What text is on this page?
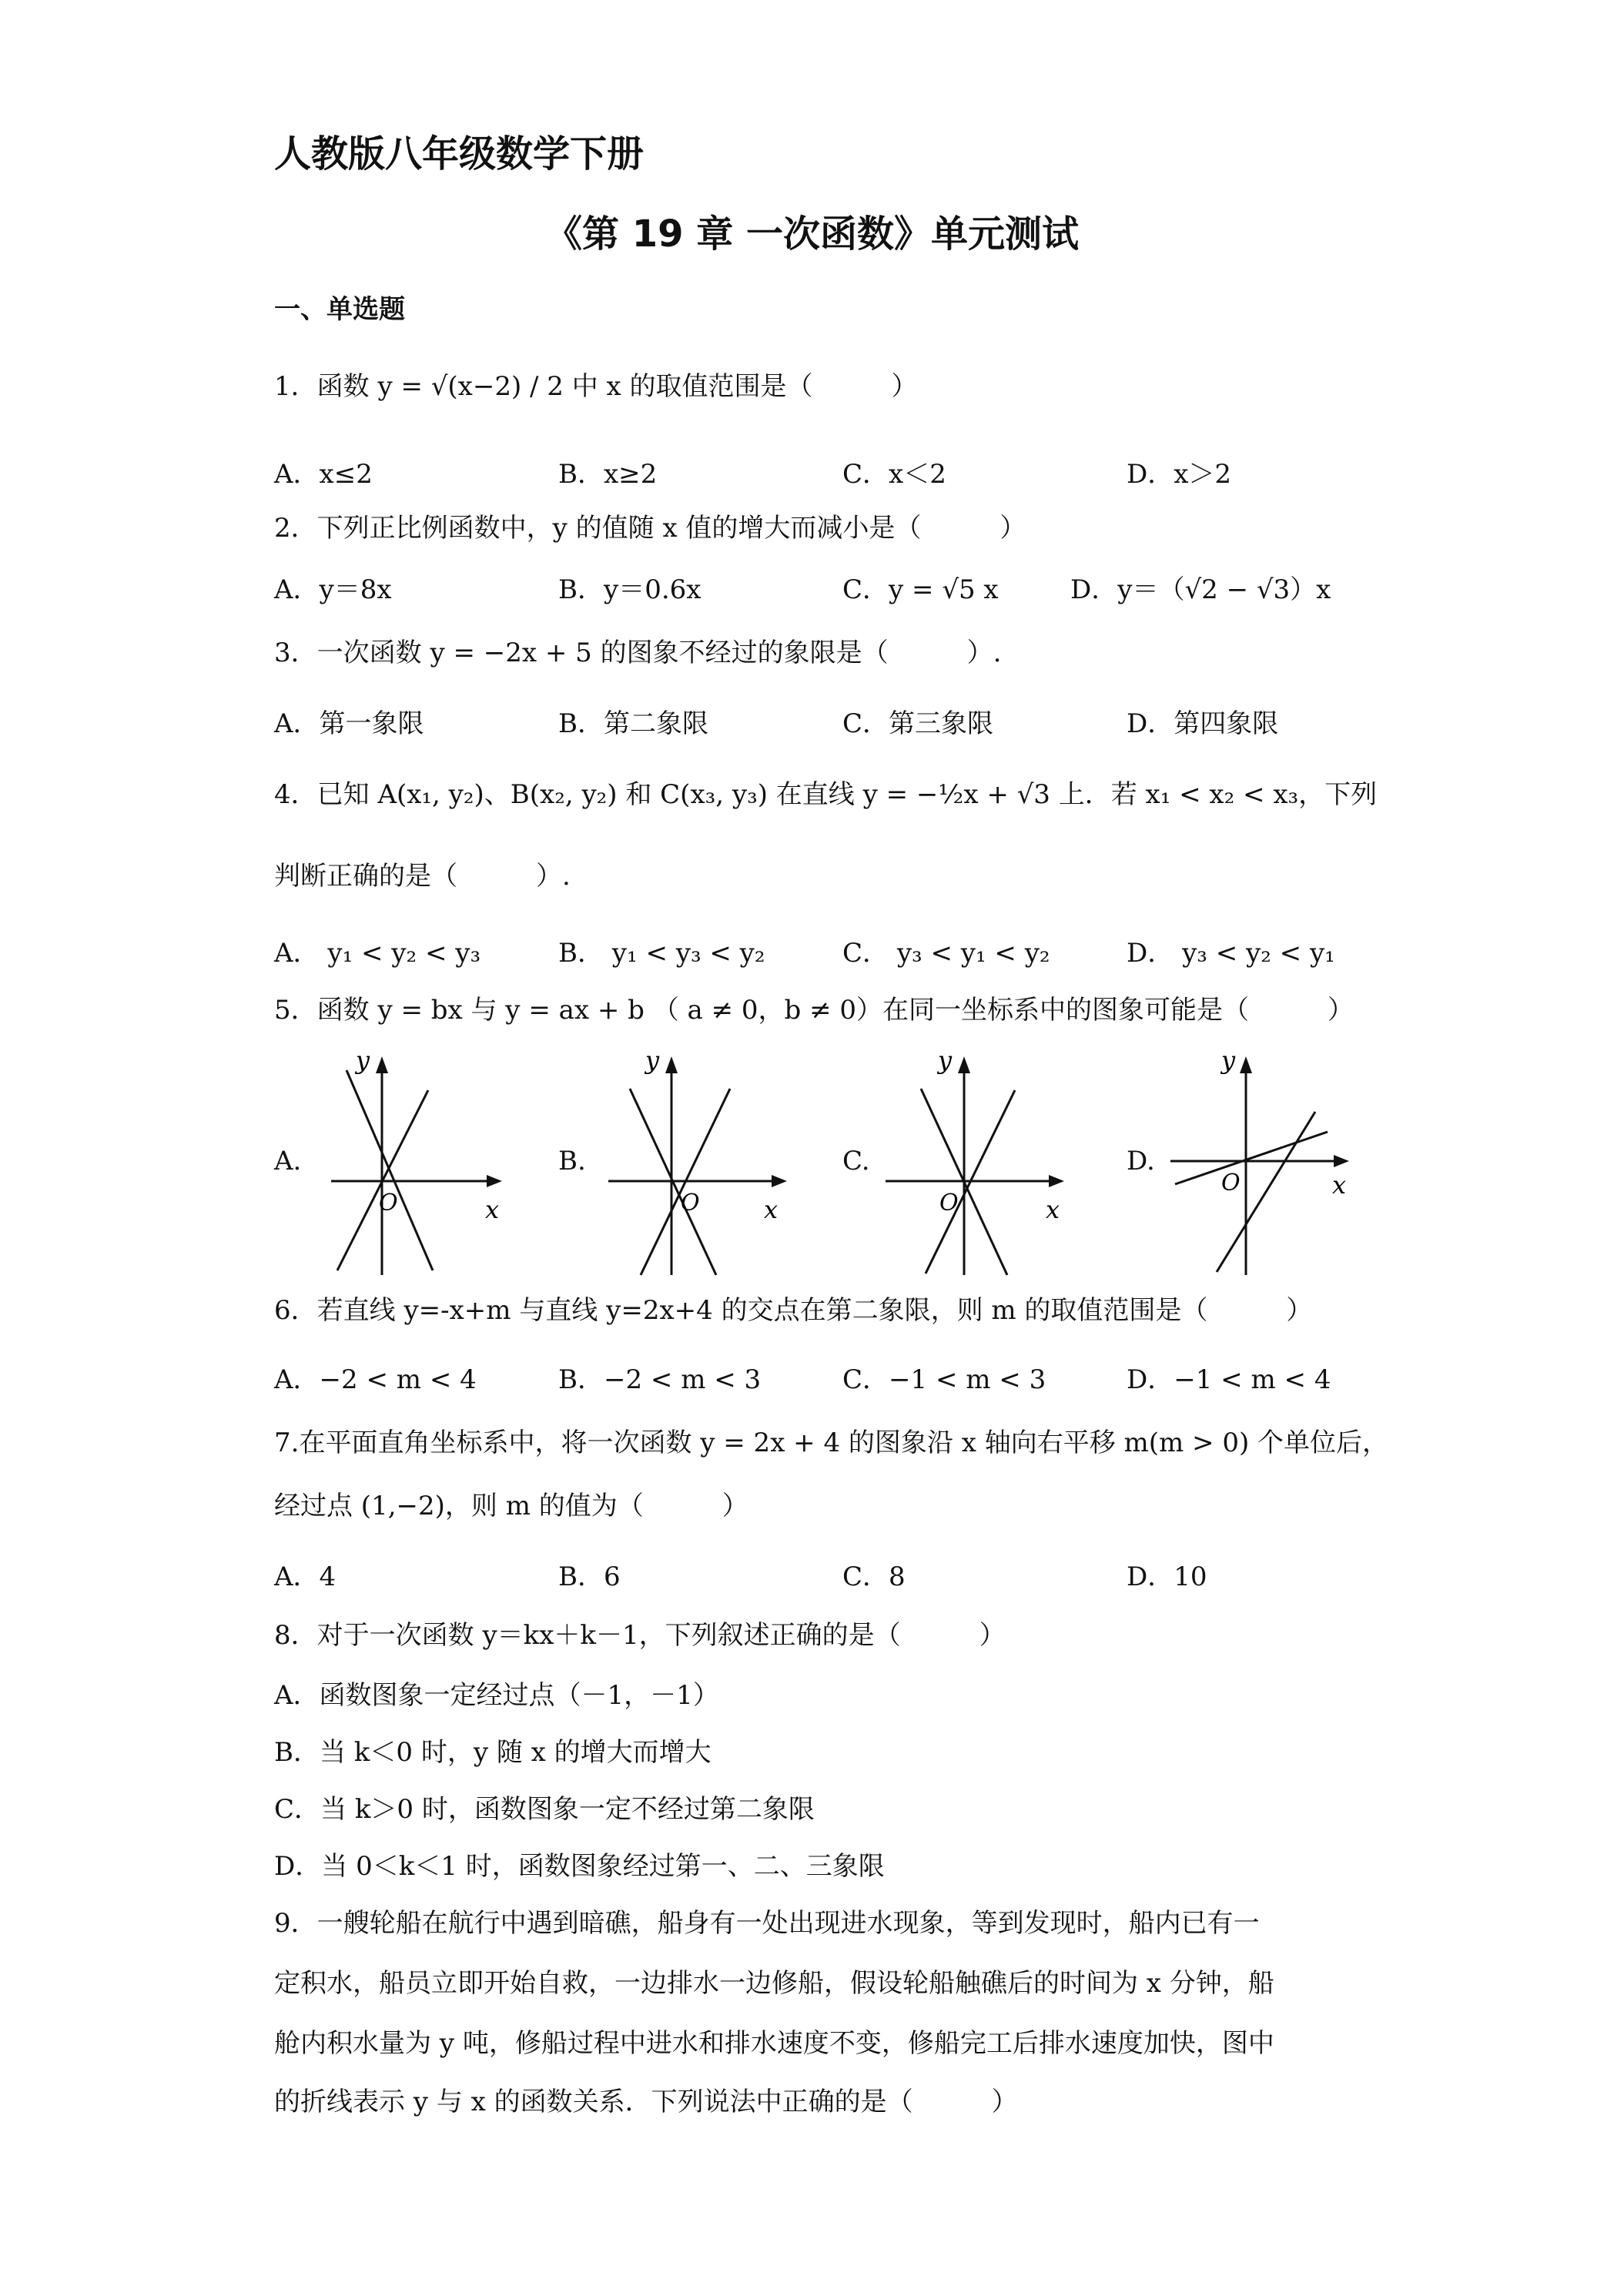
人教版八年级数学下册
《第 19 章 一次函数》单元测试
一、单选题
1．函数 y = √(x−2) / 2 中 x 的取值范围是（　　　）
A．x≤2	B．x≥2	C．x＜2	D．x＞2
2．下列正比例函数中，y 的值随 x 值的增大而减小是（　　　）
A．y＝8x	B．y＝0.6x	C．y = √5 x	D．y＝（√2 − √3）x
3．一次函数 y = −2x + 5 的图象不经过的象限是（　　　）.
A．第一象限	B．第二象限	C．第三象限	D．第四象限
4．已知 A(x₁, y₂)、B(x₂, y₂) 和 C(x₃, y₃) 在直线 y = −½x + √3 上．若 x₁ < x₂ < x₃，下列
判断正确的是（　　　）.
A． y₁ < y₂ < y₃	B． y₁ < y₃ < y₂	C． y₃ < y₁ < y₂	D． y₃ < y₂ < y₁
5．函数 y = bx 与 y = ax + b （ a ≠ 0，b ≠ 0）在同一坐标系中的图象可能是（　　　）
A.
y
x
O
B.
y
x
O
C.
y
x
O
D.
y
x
O
6．若直线 y=-x+m 与直线 y=2x+4 的交点在第二象限，则 m 的取值范围是（　　　）
A．−2 < m < 4	B．−2 < m < 3	C．−1 < m < 3	D．−1 < m < 4
7.在平面直角坐标系中，将一次函数 y = 2x + 4 的图象沿 x 轴向右平移 m(m > 0) 个单位后，
经过点 (1,−2)，则 m 的值为（　　　）
A．4	B．6	C．8	D．10
8．对于一次函数 y＝kx＋k－1，下列叙述正确的是（　　　）
A．函数图象一定经过点（－1，－1）
B．当 k＜0 时，y 随 x 的增大而增大
C．当 k＞0 时，函数图象一定不经过第二象限
D．当 0＜k＜1 时，函数图象经过第一、二、三象限
9．一艘轮船在航行中遇到暗礁，船身有一处出现进水现象，等到发现时，船内已有一
定积水，船员立即开始自救，一边排水一边修船，假设轮船触礁后的时间为 x 分钟，船
舱内积水量为 y 吨，修船过程中进水和排水速度不变，修船完工后排水速度加快，图中
的折线表示 y 与 x 的函数关系．下列说法中正确的是（　　　）
